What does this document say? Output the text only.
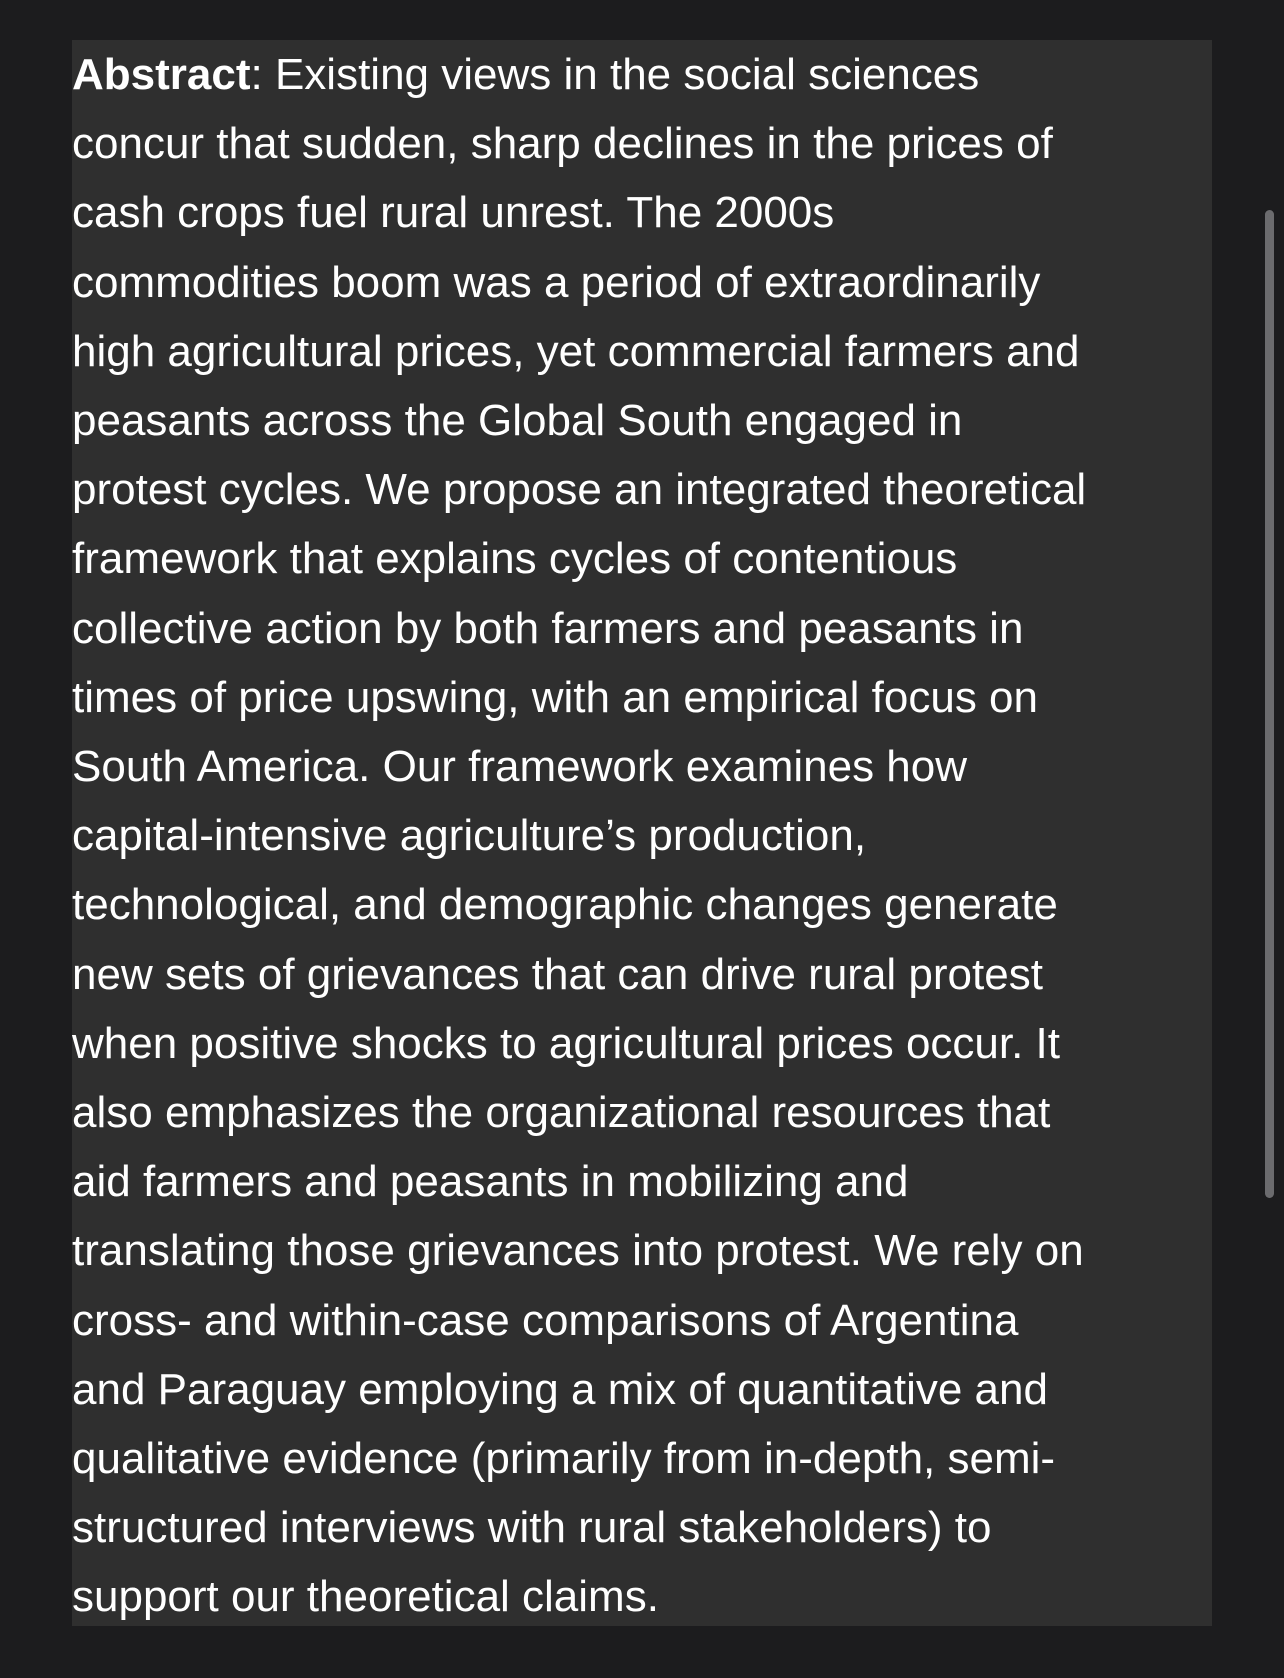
Abstract: Existing views in the social sciences
concur that sudden, sharp declines in the prices of
cash crops fuel rural unrest. The 2000s
commodities boom was a period of extraordinarily
high agricultural prices, yet commercial farmers and
peasants across the Global South engaged in
protest cycles. We propose an integrated theoretical
framework that explains cycles of contentious
collective action by both farmers and peasants in
times of price upswing, with an empirical focus on
South America. Our framework examines how
capital-intensive agriculture’s production,
technological, and demographic changes generate
new sets of grievances that can drive rural protest
when positive shocks to agricultural prices occur. It
also emphasizes the organizational resources that
aid farmers and peasants in mobilizing and
translating those grievances into protest. We rely on
cross- and within-case comparisons of Argentina
and Paraguay employing a mix of quantitative and
qualitative evidence (primarily from in-depth, semi-
structured interviews with rural stakeholders) to
support our theoretical claims.
